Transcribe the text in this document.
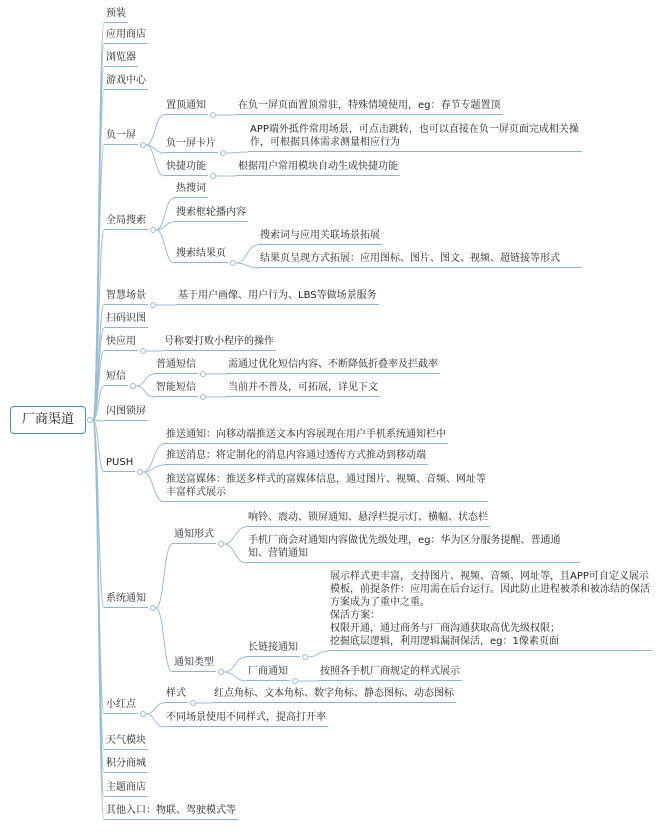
厂商渠道
预装
应用商店
浏览器
游戏中心
负一屏
置顶通知	在负一屏页面置顶常驻，特殊情境使用，eg：春节专题置顶
负一屏卡片
APP端外抵件常用场景，可点击跳转，也可以直接在负一屏页面完成相关操作，可根据具体需求测量相应行为
快捷功能	根据用户常用模块自动生成快捷功能
全局搜索
热搜词
搜索框轮播内容
搜索结果页
搜索词与应用关联场景拓展
结果页呈现方式拓展：应用图标、图片、图文、视频、超链接等形式
智慧场景	基于用户画像、用户行为、LBS等做场景服务
扫码识图
快应用	号称要打败小程序的操作
短信
普通短信	需通过优化短信内容、不断降低折叠率及拦截率
智能短信	当前并不普及，可拓展，详见下文
闪图锁屏
PUSH
推送通知：向移动端推送文本内容展现在用户手机系统通知栏中
推送消息：将定制化的消息内容通过透传方式推动到移动端
推送富媒体：推送多样式的富媒体信息，通过图片、视频、音频、网址等丰富样式展示
系统通知
通知形式
响铃、震动、锁屏通知、悬浮栏提示灯、横幅、状态栏
手机厂商会对通知内容做优先级处理，eg：华为区分服务提醒、普通通知、营销通知
通知类型
长链接通知
展示样式更丰富，支持图片、视频、音频、网址等，且APP可自定义展示模板，前提条件：应用需在后台运行。因此防止进程被杀和被冻结的保活方案成为了重中之重。
保活方案：
权限开通，通过商务与厂商沟通获取高优先级权限；
挖掘底层逻辑，利用逻辑漏洞保活，eg：1像素页面
厂商通知	按照各手机厂商规定的样式展示
小红点
样式	红点角标、文本角标、数字角标、静态图标、动态图标
不同场景使用不同样式，提高打开率
天气模块
积分商城
主题商店
其他入口：物联、驾驶模式等
